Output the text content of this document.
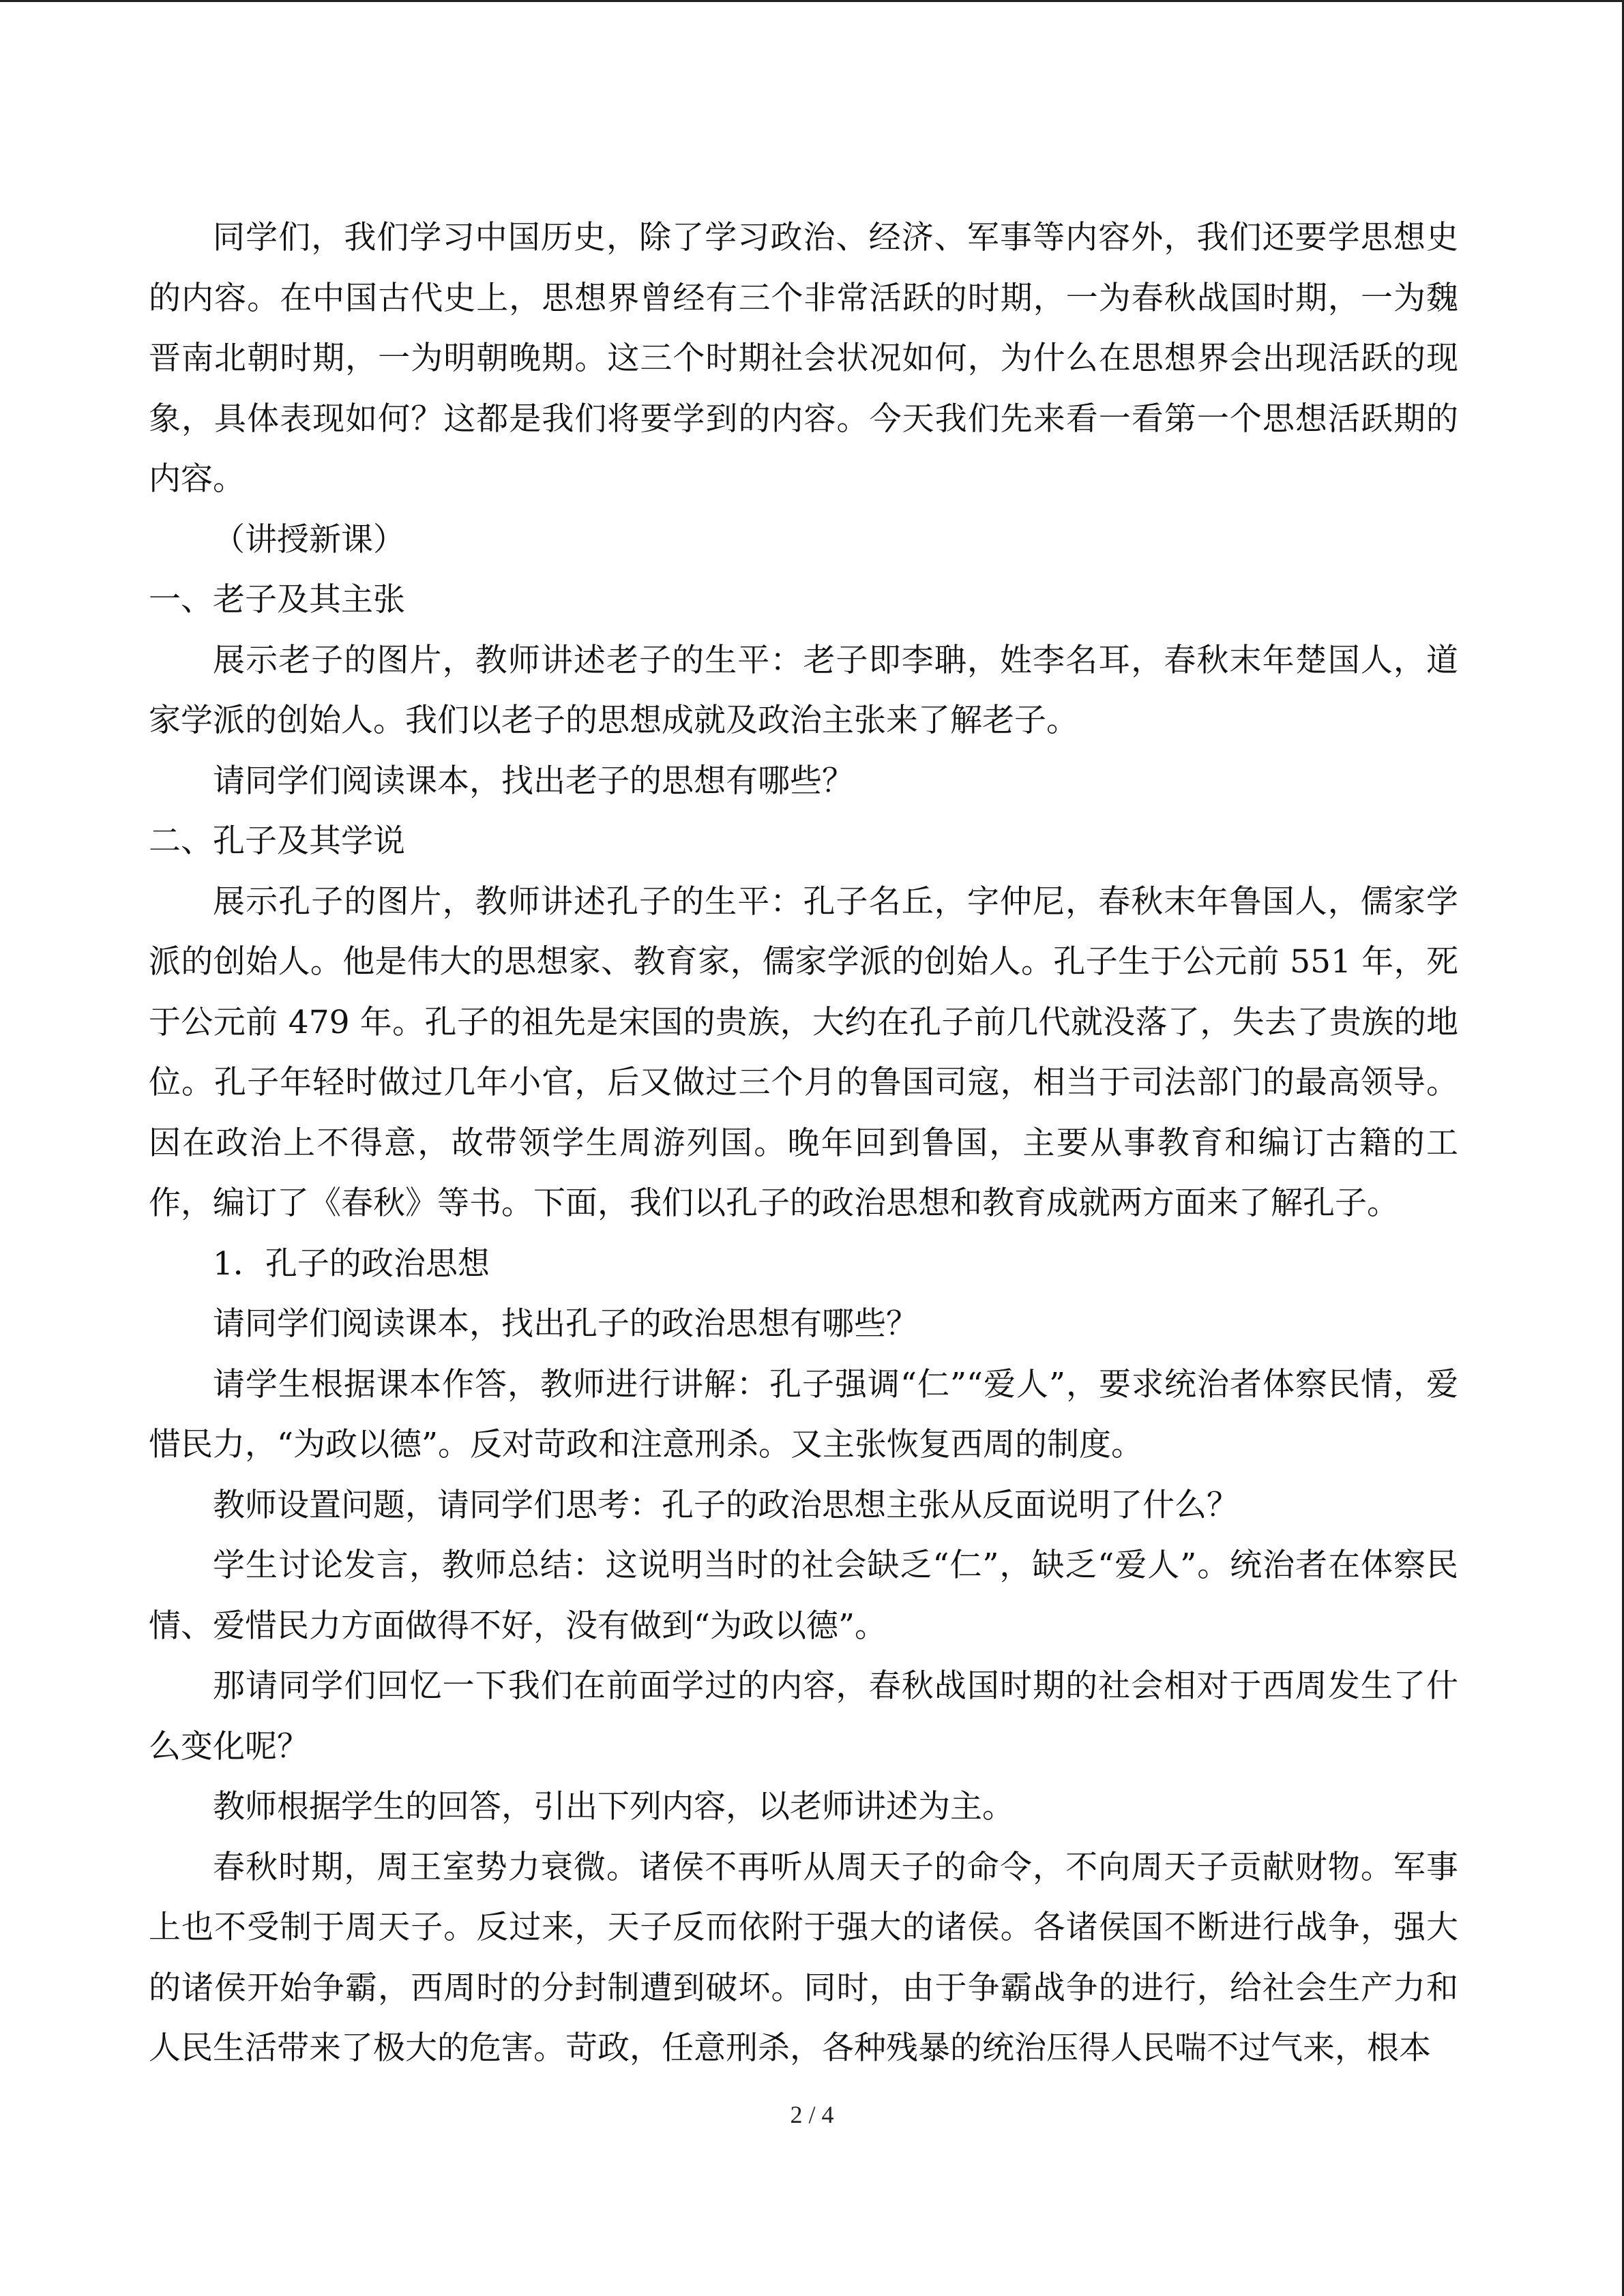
同学们，我们学习中国历史，除了学习政治、经济、军事等内容外，我们还要学思想史的内容。在中国古代史上，思想界曾经有三个非常活跃的时期，一为春秋战国时期，一为魏晋南北朝时期，一为明朝晚期。这三个时期社会状况如何，为什么在思想界会出现活跃的现象，具体表现如何？这都是我们将要学到的内容。今天我们先来看一看第一个思想活跃期的内容。

（讲授新课）

一、老子及其主张

展示老子的图片，教师讲述老子的生平：老子即李聃，姓李名耳，春秋末年楚国人，道家学派的创始人。我们以老子的思想成就及政治主张来了解老子。

请同学们阅读课本，找出老子的思想有哪些？

二、孔子及其学说

展示孔子的图片，教师讲述孔子的生平：孔子名丘，字仲尼，春秋末年鲁国人，儒家学派的创始人。他是伟大的思想家、教育家，儒家学派的创始人。孔子生于公元前 551 年，死于公元前 479 年。孔子的祖先是宋国的贵族，大约在孔子前几代就没落了，失去了贵族的地位。孔子年轻时做过几年小官，后又做过三个月的鲁国司寇，相当于司法部门的最高领导。因在政治上不得意，故带领学生周游列国。晚年回到鲁国，主要从事教育和编订古籍的工作，编订了《春秋》等书。下面，我们以孔子的政治思想和教育成就两方面来了解孔子。

1．孔子的政治思想

请同学们阅读课本，找出孔子的政治思想有哪些？

请学生根据课本作答，教师进行讲解：孔子强调“仁”“爱人”，要求统治者体察民情，爱惜民力，“为政以德”。反对苛政和注意刑杀。又主张恢复西周的制度。

教师设置问题，请同学们思考：孔子的政治思想主张从反面说明了什么？

学生讨论发言，教师总结：这说明当时的社会缺乏“仁”，缺乏“爱人”。统治者在体察民情、爱惜民力方面做得不好，没有做到“为政以德”。

那请同学们回忆一下我们在前面学过的内容，春秋战国时期的社会相对于西周发生了什么变化呢？

教师根据学生的回答，引出下列内容，以老师讲述为主。

春秋时期，周王室势力衰微。诸侯不再听从周天子的命令，不向周天子贡献财物。军事上也不受制于周天子。反过来，天子反而依附于强大的诸侯。各诸侯国不断进行战争，强大的诸侯开始争霸，西周时的分封制遭到破坏。同时，由于争霸战争的进行，给社会生产力和人民生活带来了极大的危害。苛政，任意刑杀，各种残暴的统治压得人民喘不过气来，根本

2 / 4
